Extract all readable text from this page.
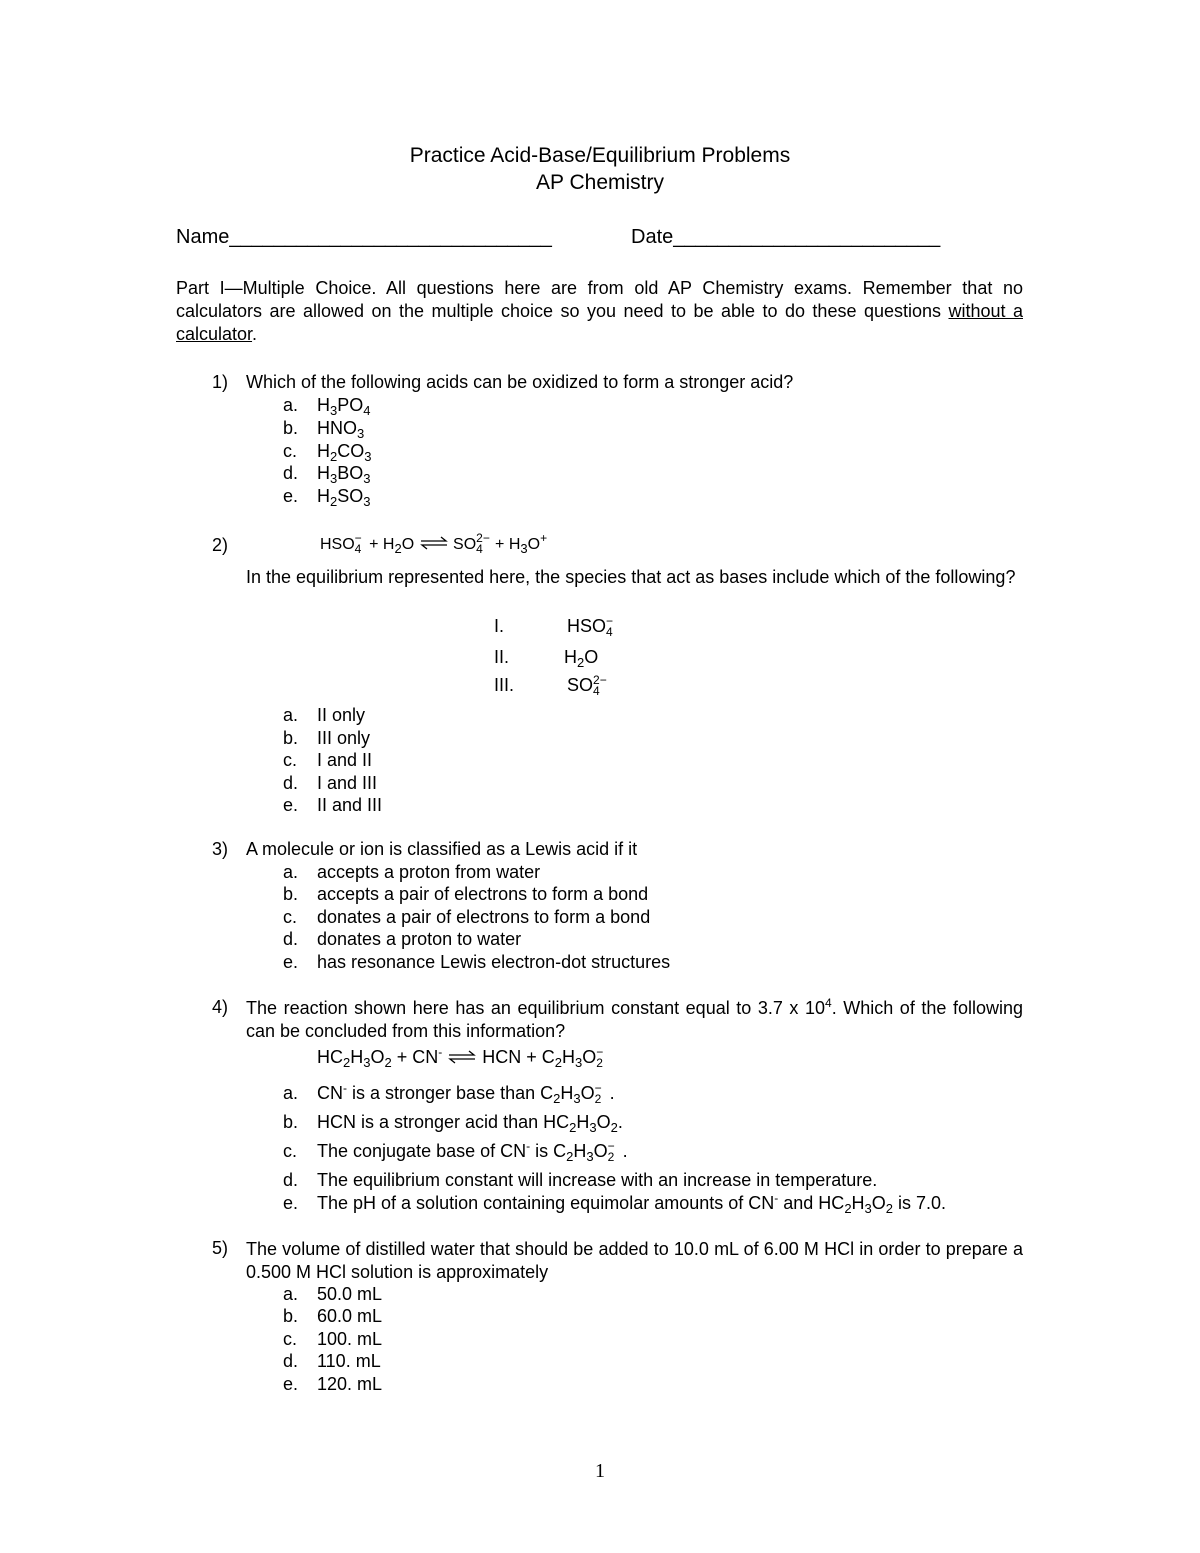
Practice Acid-Base/Equilibrium Problems
AP Chemistry
Name_____________________________	Date________________________
Part I—Multiple Choice. All questions here are from old AP Chemistry exams. Remember that no calculators are allowed on the multiple choice so you need to be able to do these questions without a calculator.
1) Which of the following acids can be oxidized to form a stronger acid?
a. $H_3PO_4$
b. $HNO_3$
c. $H_2CO_3$
d. $H_3BO_3$
e. $H_2SO_3$
2)	HSO −
$4 + H_2O$ ⇌ SO 2−
$4 + H_3O^+$
In the equilibrium represented here, the species that act as bases include which of the following?
I.	HSO −
4
II.	$H_2O$
III.	SO 2−
4
a. II only
b. III only
c. I and II
d. I and III
e. II and III
3) A molecule or ion is classified as a Lewis acid if it
a. accepts a proton from water
b. accepts a pair of electrons to form a bond
c. donates a pair of electrons to form a bond
d. donates a proton to water
e. has resonance Lewis electron-dot structures
4) The reaction shown here has an equilibrium constant equal to 3.7 x $10^4$. Which of the following can be concluded from this information?
$HC_2H_3O_2 + CN^-$ ⇌ HCN + $C_2H_3O$ −
2
a. CN- is a stronger base than $C_2H_3O$ −
2 .
b. HCN is a stronger acid than $HC_2H_3O_2$.
c. The conjugate base of CN- is $C_2H_3O$ −
2 .
d. The equilibrium constant will increase with an increase in temperature.
e. The pH of a solution containing equimolar amounts of CN- and $HC_2H_3O_2$ is 7.0.
5) The volume of distilled water that should be added to 10.0 mL of 6.00 M HCl in order to prepare a 0.500 M HCl solution is approximately
a. 50.0 mL
b. 60.0 mL
c. 100. mL
d. 110. mL
e. 120. mL
1
